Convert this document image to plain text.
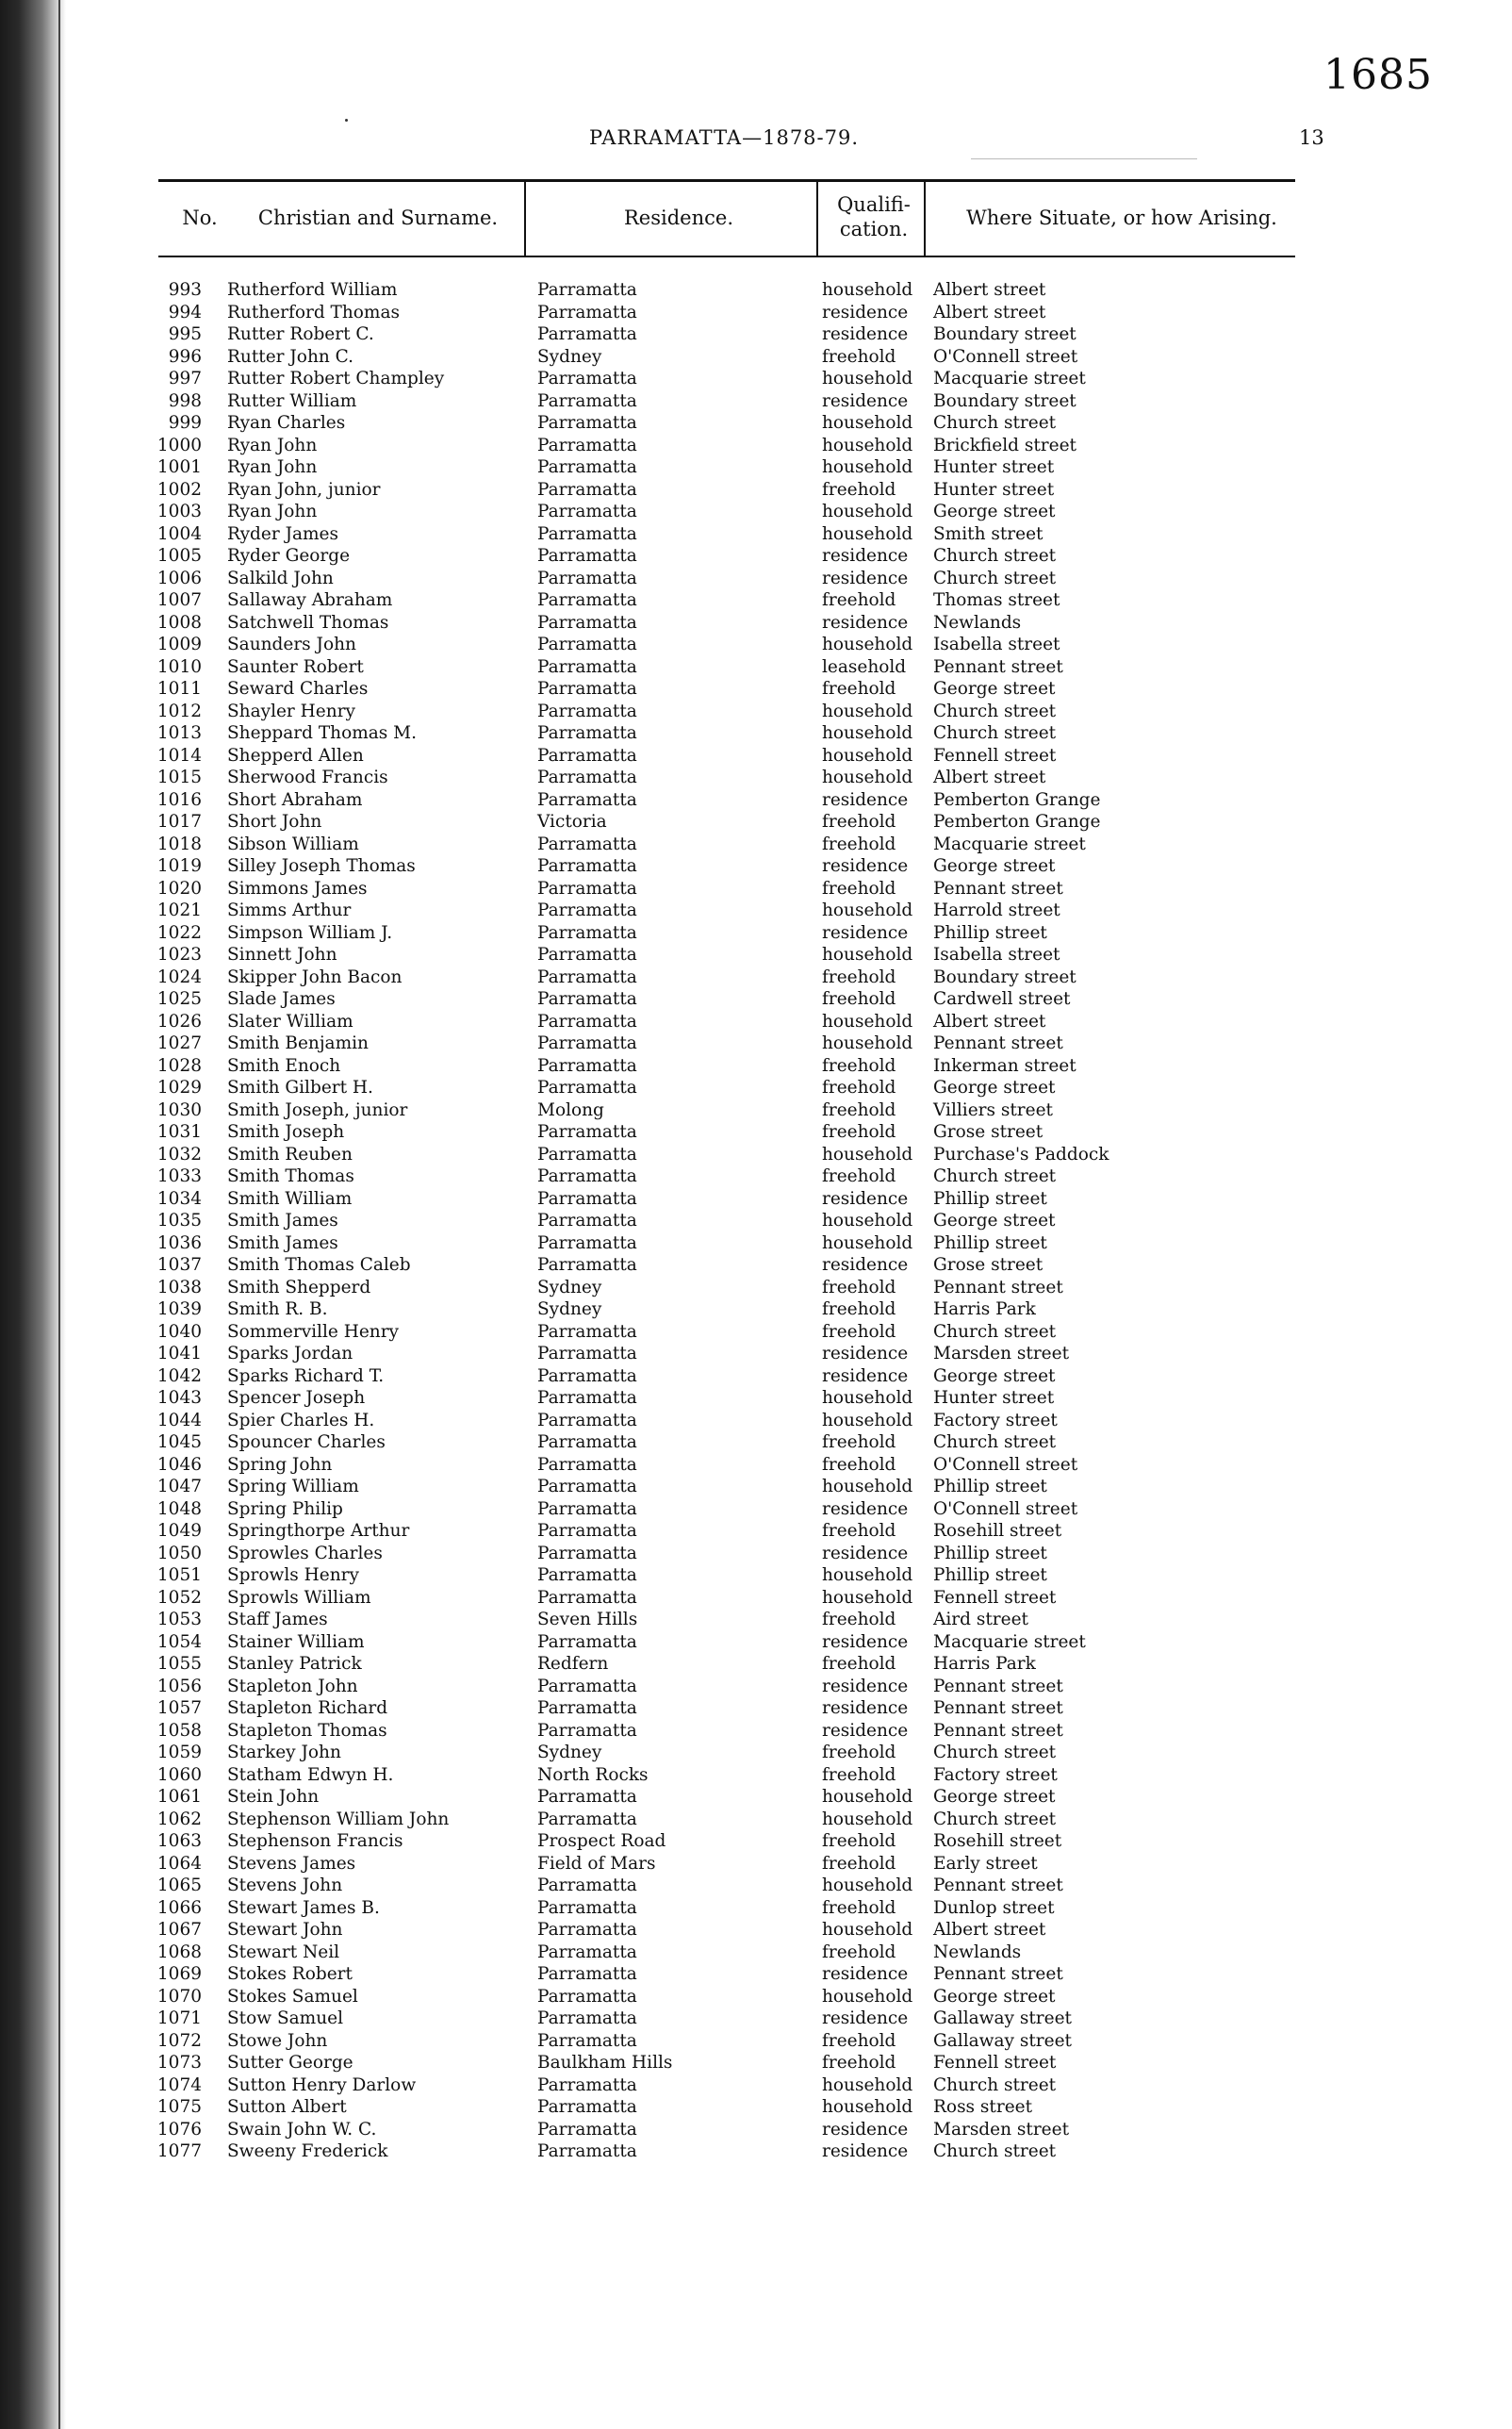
1685
PARRAMATTA—1878-79.	13
No.	Christian and Surname.	Residence.
Qualifi-
cation.	Where Situate, or how Arising.
993 Rutherford William	Parramatta	household Albert street
994 Rutherford Thomas	Parramatta	residence Albert street
995 Rutter Robert C.	Parramatta	residence Boundary street
996 Rutter John C.	Sydney	freehold O'Connell street
997 Rutter Robert Champley	Parramatta	household Macquarie street
998 Rutter William	Parramatta	residence Boundary street
999 Ryan Charles	Parramatta	household Church street
1000 Ryan John	Parramatta	household Brickfield street
1001 Ryan John	Parramatta	household Hunter street
1002 Ryan John, junior	Parramatta	freehold Hunter street
1003 Ryan John	Parramatta	household George street
1004 Ryder James	Parramatta	household Smith street
1005 Ryder George	Parramatta	residence Church street
1006 Salkild John	Parramatta	residence Church street
1007 Sallaway Abraham	Parramatta	freehold Thomas street
1008 Satchwell Thomas	Parramatta	residence Newlands
1009 Saunders John	Parramatta	household Isabella street
1010 Saunter Robert	Parramatta	leasehold Pennant street
1011 Seward Charles	Parramatta	freehold George street
1012 Shayler Henry	Parramatta	household Church street
1013 Sheppard Thomas M.	Parramatta	household Church street
1014 Shepperd Allen	Parramatta	household Fennell street
1015 Sherwood Francis	Parramatta	household Albert street
1016 Short Abraham	Parramatta	residence Pemberton Grange
1017 Short John	Victoria	freehold Pemberton Grange
1018 Sibson William	Parramatta	freehold Macquarie street
1019 Silley Joseph Thomas	Parramatta	residence George street
1020 Simmons James	Parramatta	freehold Pennant street
1021 Simms Arthur	Parramatta	household Harrold street
1022 Simpson William J.	Parramatta	residence Phillip street
1023 Sinnett John	Parramatta	household Isabella street
1024 Skipper John Bacon	Parramatta	freehold Boundary street
1025 Slade James	Parramatta	freehold Cardwell street
1026 Slater William	Parramatta	household Albert street
1027 Smith Benjamin	Parramatta	household Pennant street
1028 Smith Enoch	Parramatta	freehold Inkerman street
1029 Smith Gilbert H.	Parramatta	freehold George street
1030 Smith Joseph, junior	Molong	freehold Villiers street
1031 Smith Joseph	Parramatta	freehold Grose street
1032 Smith Reuben	Parramatta	household Purchase's Paddock
1033 Smith Thomas	Parramatta	freehold Church street
1034 Smith William	Parramatta	residence Phillip street
1035 Smith James	Parramatta	household George street
1036 Smith James	Parramatta	household Phillip street
1037 Smith Thomas Caleb	Parramatta	residence Grose street
1038 Smith Shepperd	Sydney	freehold Pennant street
1039 Smith R. B.	Sydney	freehold Harris Park
1040 Sommerville Henry	Parramatta	freehold Church street
1041 Sparks Jordan	Parramatta	residence Marsden street
1042 Sparks Richard T.	Parramatta	residence George street
1043 Spencer Joseph	Parramatta	household Hunter street
1044 Spier Charles H.	Parramatta	household Factory street
1045 Spouncer Charles	Parramatta	freehold Church street
1046 Spring John	Parramatta	freehold O'Connell street
1047 Spring William	Parramatta	household Phillip street
1048 Spring Philip	Parramatta	residence O'Connell street
1049 Springthorpe Arthur	Parramatta	freehold Rosehill street
1050 Sprowles Charles	Parramatta	residence Phillip street
1051 Sprowls Henry	Parramatta	household Phillip street
1052 Sprowls William	Parramatta	household Fennell street
1053 Staff James	Seven Hills	freehold Aird street
1054 Stainer William	Parramatta	residence Macquarie street
1055 Stanley Patrick	Redfern	freehold Harris Park
1056 Stapleton John	Parramatta	residence Pennant street
1057 Stapleton Richard	Parramatta	residence Pennant street
1058 Stapleton Thomas	Parramatta	residence Pennant street
1059 Starkey John	Sydney	freehold Church street
1060 Statham Edwyn H.	North Rocks	freehold Factory street
1061 Stein John	Parramatta	household George street
1062 Stephenson William John	Parramatta	household Church street
1063 Stephenson Francis	Prospect Road	freehold Rosehill street
1064 Stevens James	Field of Mars	freehold Early street
1065 Stevens John	Parramatta	household Pennant street
1066 Stewart James B.	Parramatta	freehold Dunlop street
1067 Stewart John	Parramatta	household Albert street
1068 Stewart Neil	Parramatta	freehold Newlands
1069 Stokes Robert	Parramatta	residence Pennant street
1070 Stokes Samuel	Parramatta	household George street
1071 Stow Samuel	Parramatta	residence Gallaway street
1072 Stowe John	Parramatta	freehold Gallaway street
1073 Sutter George	Baulkham Hills	freehold Fennell street
1074 Sutton Henry Darlow	Parramatta	household Church street
1075 Sutton Albert	Parramatta	household Ross street
1076 Swain John W. C.	Parramatta	residence Marsden street
1077 Sweeny Frederick	Parramatta	residence Church street
